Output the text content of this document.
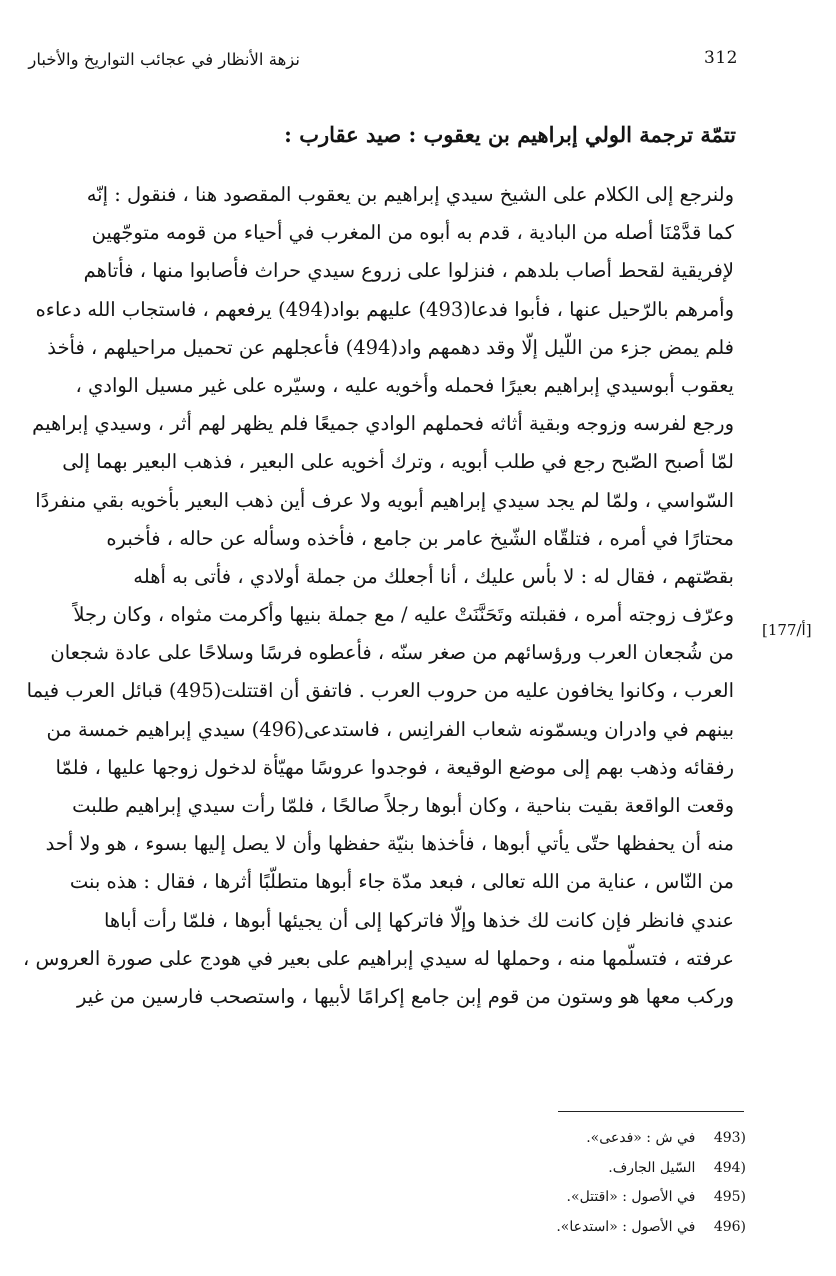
312
نزهة الأنظار في عجائب التواريخ والأخبار
تتمّة ترجمة الولي إبراهيم بن يعقوب : صيد عقارب :
ولنرجع إلى الكلام على الشيخ سيدي إبراهيم بن يعقوب المقصود هنا ، فنقول : إنّه
كما قدَّمْنَا أصله من البادية ، قدم به أبوه من المغرب في أحياء من قومه متوجّهين
لإفريقية لقحط أصاب بلدهم ، فنزلوا على زروع سيدي حراث فأصابوا منها ، فأتاهم
وأمرهم بالرّحيل عنها ، فأبوا فدعا(493) عليهم بواد(494) يرفعهم ، فاستجاب الله دعاءه
فلم يمض جزء من اللّيل إلّا وقد دهمهم واد(494) فأعجلهم عن تحميل مراحيلهم ، فأخذ
يعقوب أبوسيدي إبراهيم بعيرًا فحمله وأخويه عليه ، وسيّره على غير مسيل الوادي ،
ورجع لفرسه وزوجه وبقية أثاثه فحملهم الوادي جميعًا فلم يظهر لهم أثر ، وسيدي إبراهيم
لمّا أصبح الصّبح رجع في طلب أبويه ، وترك أخويه على البعير ، فذهب البعير بهما إلى
السّواسي ، ولمّا لم يجد سيدي إبراهيم أبويه ولا عرف أين ذهب البعير بأخويه بقي منفردًا
محتارًا في أمره ، فتلقّاه الشّيخ عامر بن جامع ، فأخذه وسأله عن حاله ، فأخبره
بقصّتهم ، فقال له : لا بأس عليك ، أنا أجعلك من جملة أولادي ، فأتى به أهله
وعرّف زوجته أمره ، فقبلته وتَحَنَّنَتْ عليه / مع جملة بنيها وأكرمت مثواه ، وكان رجلاً
من شُجعان العرب ورؤسائهم من صغر سنّه ، فأعطوه فرسًا وسلاحًا على عادة شجعان
العرب ، وكانوا يخافون عليه من حروب العرب . فاتفق أن اقتتلت(495) قبائل العرب فيما
بينهم في وادران ويسمّونه شعاب الفرانِس ، فاستدعى(496) سيدي إبراهيم خمسة من
رفقائه وذهب بهم إلى موضع الوقيعة ، فوجدوا عروسًا مهيّأة لدخول زوجها عليها ، فلمّا
وقعت الواقعة بقيت بناحية ، وكان أبوها رجلاً صالحًا ، فلمّا رأت سيدي إبراهيم طلبت
منه أن يحفظها حتّى يأتي أبوها ، فأخذها بنيّة حفظها وأن لا يصل إليها بسوء ، هو ولا أحد
من النّاس ، عناية من الله تعالى ، فبعد مدّة جاء أبوها متطلّبًا أثرها ، فقال : هذه بنت
عندي فانظر فإن كانت لك خذها وإلّا فاتركها إلى أن يجيئها أبوها ، فلمّا رأت أباها
عرفته ، فتسلّمها منه ، وحملها له سيدي إبراهيم على بعير في هودج على صورة العروس ،
وركب معها هو وستون من قوم إبن جامع إكرامًا لأبيها ، واستصحب فارسين من غير
[177/أ]
493) في ش : «فدعى».
494) السّيل الجارف.
495) في الأصول : «اقتتل».
496) في الأصول : «استدعا».
